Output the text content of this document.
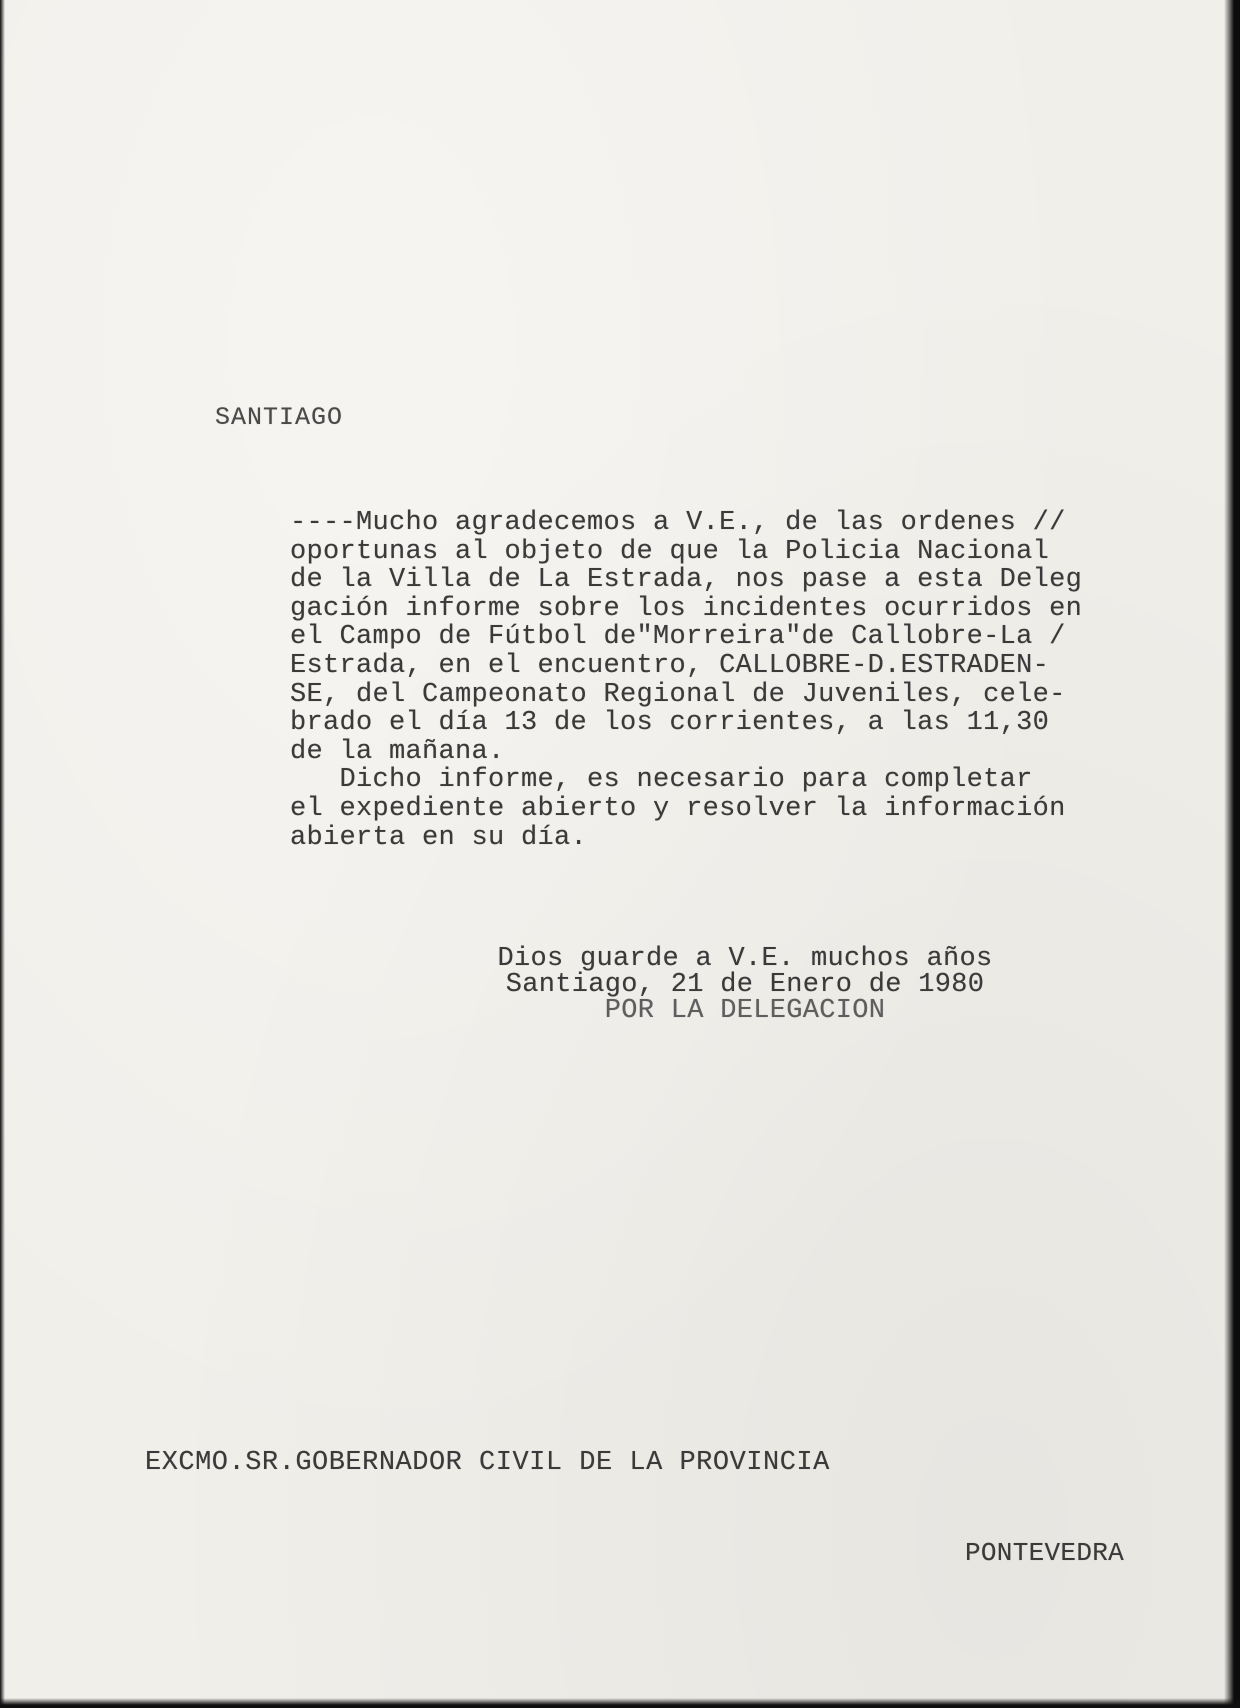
SANTIAGO

----Mucho agradecemos a V.E., de las ordenes //
oportunas al objeto de que la Policia Nacional
de la Villa de La Estrada, nos pase a esta Deleg
gación informe sobre los incidentes ocurridos en
el Campo de Fútbol de"Morreira"de Callobre-La /
Estrada, en el encuentro, CALLOBRE-D.ESTRADEN-
SE, del Campeonato Regional de Juveniles, cele-
brado el día 13 de los corrientes, a las 11,30
de la mañana.
Dicho informe, es necesario para completar
el expediente abierto y resolver la información
abierta en su día.
Dios guarde a V.E. muchos años
Santiago, 21 de Enero de 1980
POR LA DELEGACION

EXCMO.SR.GOBERNADOR CIVIL DE LA PROVINCIA

PONTEVEDRA
